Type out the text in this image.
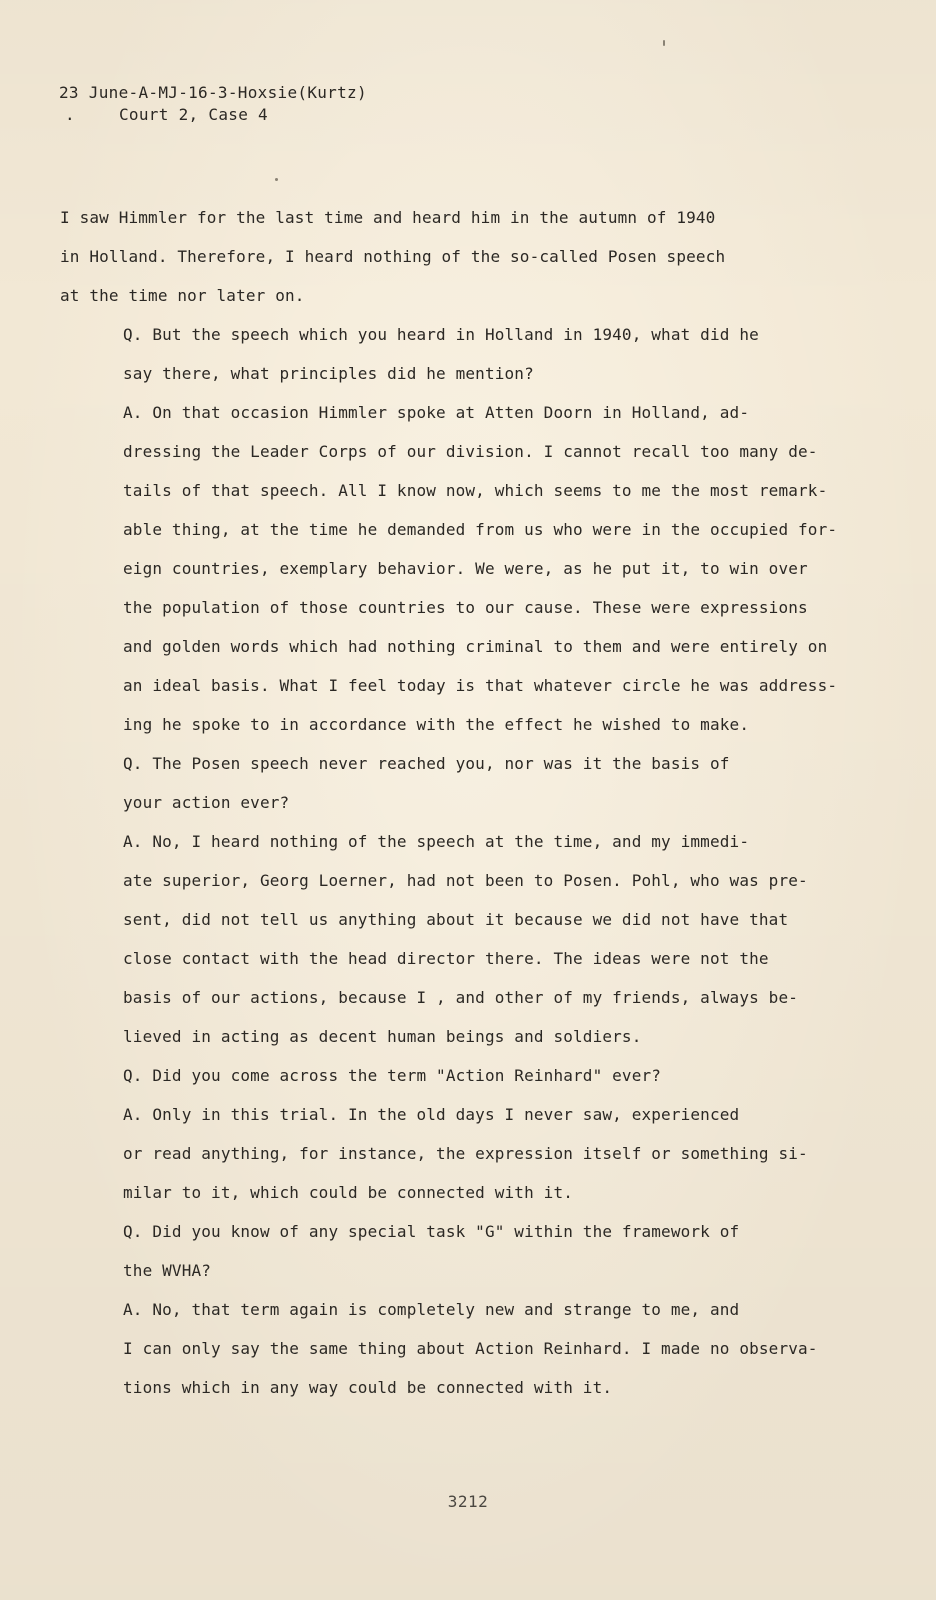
23 June-A-MJ-16-3-Hoxsie(Kurtz)
.	Court 2, Case 4
I saw Himmler for the last time and heard him in the autumn of 1940
in Holland. Therefore, I heard nothing of the so-called Posen speech
at the time nor later on.
Q. But the speech which you heard in Holland in 1940, what did he
say there, what principles did he mention?
A. On that occasion Himmler spoke at Atten Doorn in Holland, ad-
dressing the Leader Corps of our division. I cannot recall too many de-
tails of that speech. All I know now, which seems to me the most remark-
able thing, at the time he demanded from us who were in the occupied for-
eign countries, exemplary behavior. We were, as he put it, to win over
the population of those countries to our cause. These were expressions
and golden words which had nothing criminal to them and were entirely on
an ideal basis. What I feel today is that whatever circle he was address-
ing he spoke to in accordance with the effect he wished to make.
Q. The Posen speech never reached you, nor was it the basis of
your action ever?
A. No, I heard nothing of the speech at the time, and my immedi-
ate superior, Georg Loerner, had not been to Posen. Pohl, who was pre-
sent, did not tell us anything about it because we did not have that
close contact with the head director there. The ideas were not the
basis of our actions, because I , and other of my friends, always be-
lieved in acting as decent human beings and soldiers.
Q. Did you come across the term "Action Reinhard" ever?
A. Only in this trial. In the old days I never saw, experienced
or read anything, for instance, the expression itself or something si-
milar to it, which could be connected with it.
Q. Did you know of any special task "G" within the framework of
the WVHA?
A. No, that term again is completely new and strange to me, and
I can only say the same thing about Action Reinhard. I made no observa-
tions which in any way could be connected with it.
3212
